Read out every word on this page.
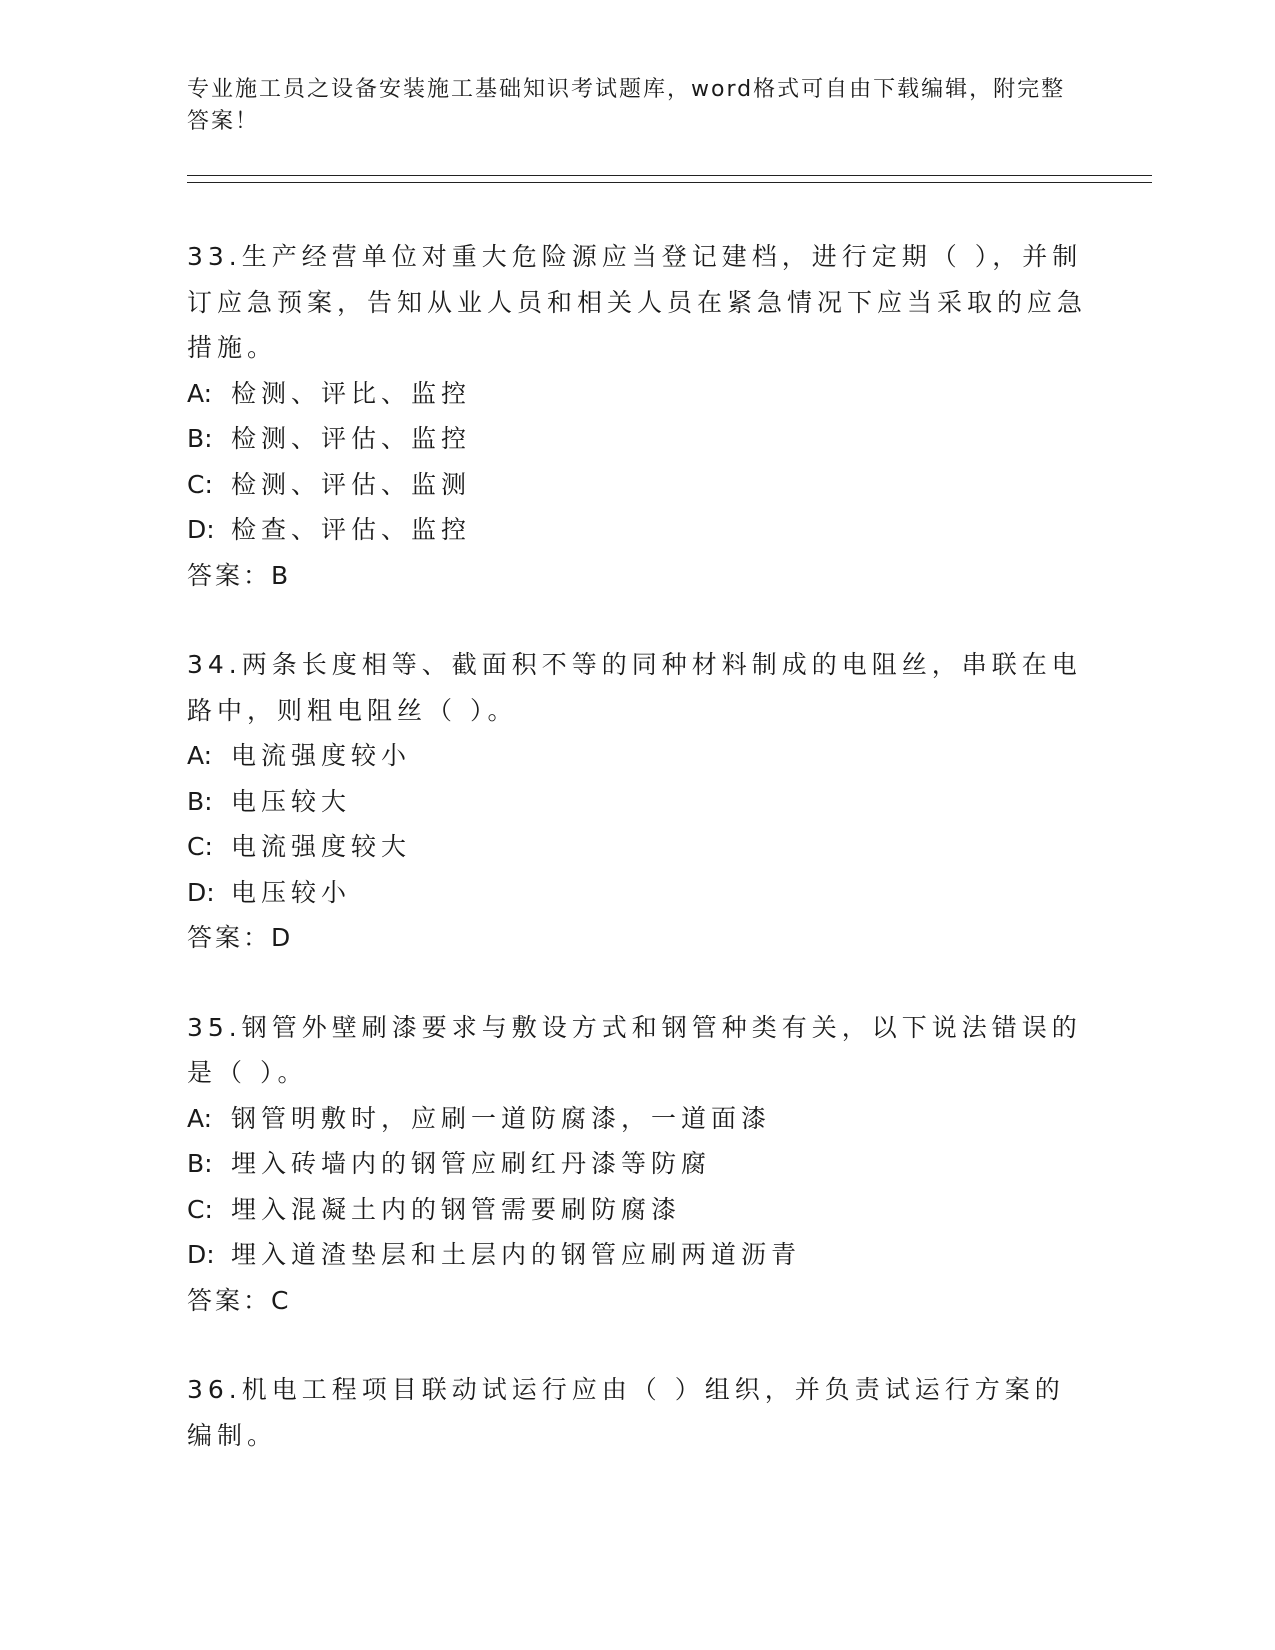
专业施工员之设备安装施工基础知识考试题库，word格式可自由下载编辑，附完整答案！

33.生产经营单位对重大危险源应当登记建档，进行定期（ ），并制订应急预案，告知从业人员和相关人员在紧急情况下应当采取的应急措施。

A: 检测、评比、监控
B: 检测、评估、监控
C: 检测、评估、监测
D: 检查、评估、监控
答案：B

34.两条长度相等、截面积不等的同种材料制成的电阻丝，串联在电路中，则粗电阻丝（ ）。

A: 电流强度较小
B: 电压较大
C: 电流强度较大
D: 电压较小
答案：D

35.钢管外壁刷漆要求与敷设方式和钢管种类有关，以下说法错误的是（ ）。

A: 钢管明敷时，应刷一道防腐漆，一道面漆
B: 埋入砖墙内的钢管应刷红丹漆等防腐
C: 埋入混凝土内的钢管需要刷防腐漆
D: 埋入道渣垫层和土层内的钢管应刷两道沥青
答案：C

36.机电工程项目联动试运行应由（ ）组织，并负责试运行方案的编制。
